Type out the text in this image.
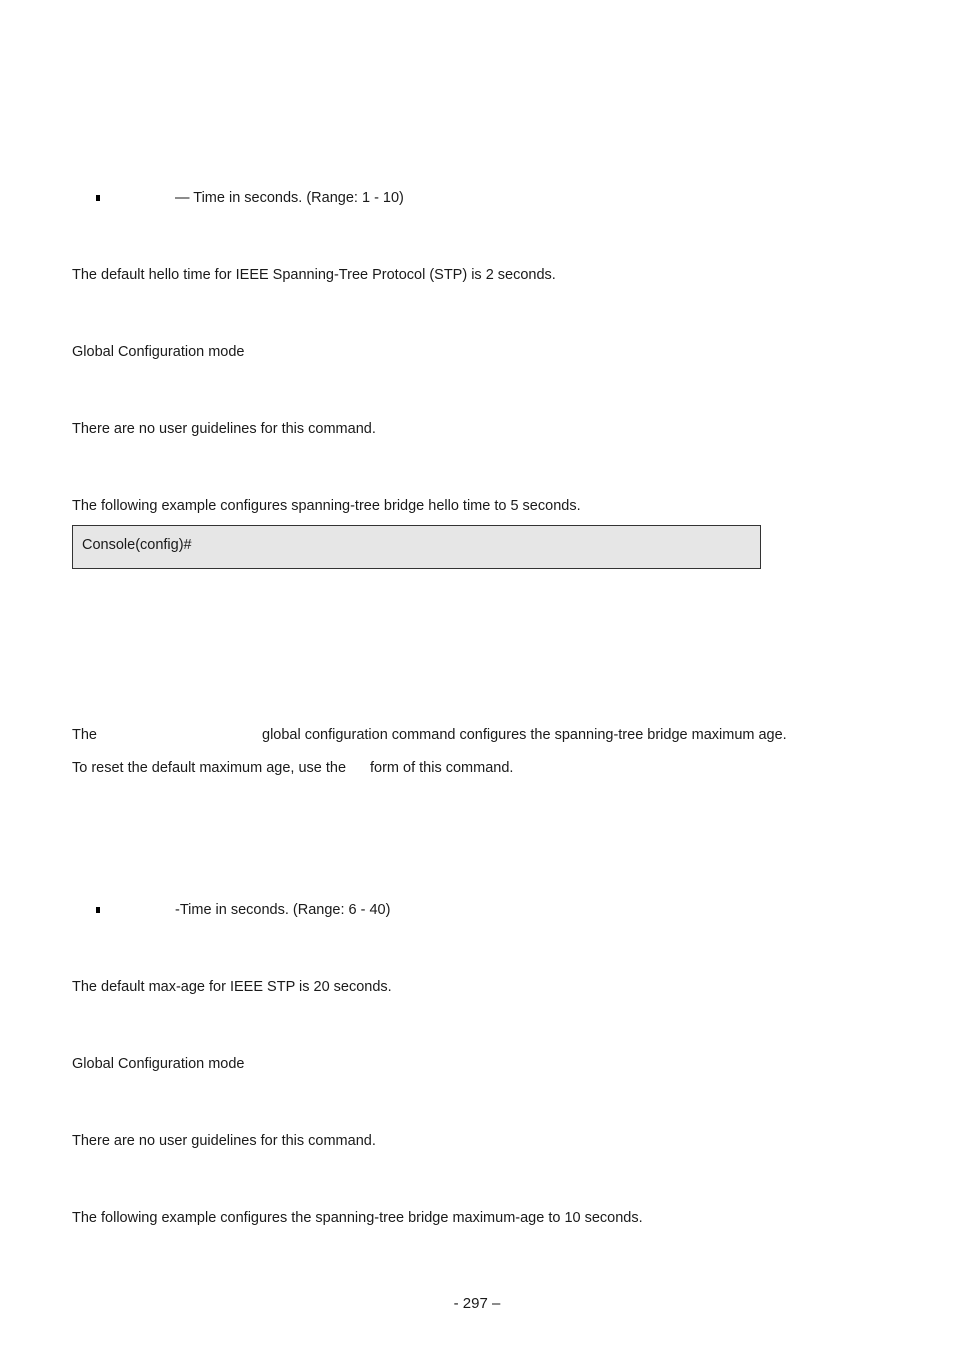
— Time in seconds. (Range: 1 - 10)
The default hello time for IEEE Spanning-Tree Protocol (STP) is 2 seconds.
Global Configuration mode
There are no user guidelines for this command.
The following example configures spanning-tree bridge hello time to 5 seconds.
Console(config)#
The	global configuration command configures the spanning-tree bridge maximum age.
To reset the default maximum age, use the form of this command.
-Time in seconds. (Range: 6 - 40)
The default max-age for IEEE STP is 20 seconds.
Global Configuration mode
There are no user guidelines for this command.
The following example configures the spanning-tree bridge maximum-age to 10 seconds.
- 297 –
